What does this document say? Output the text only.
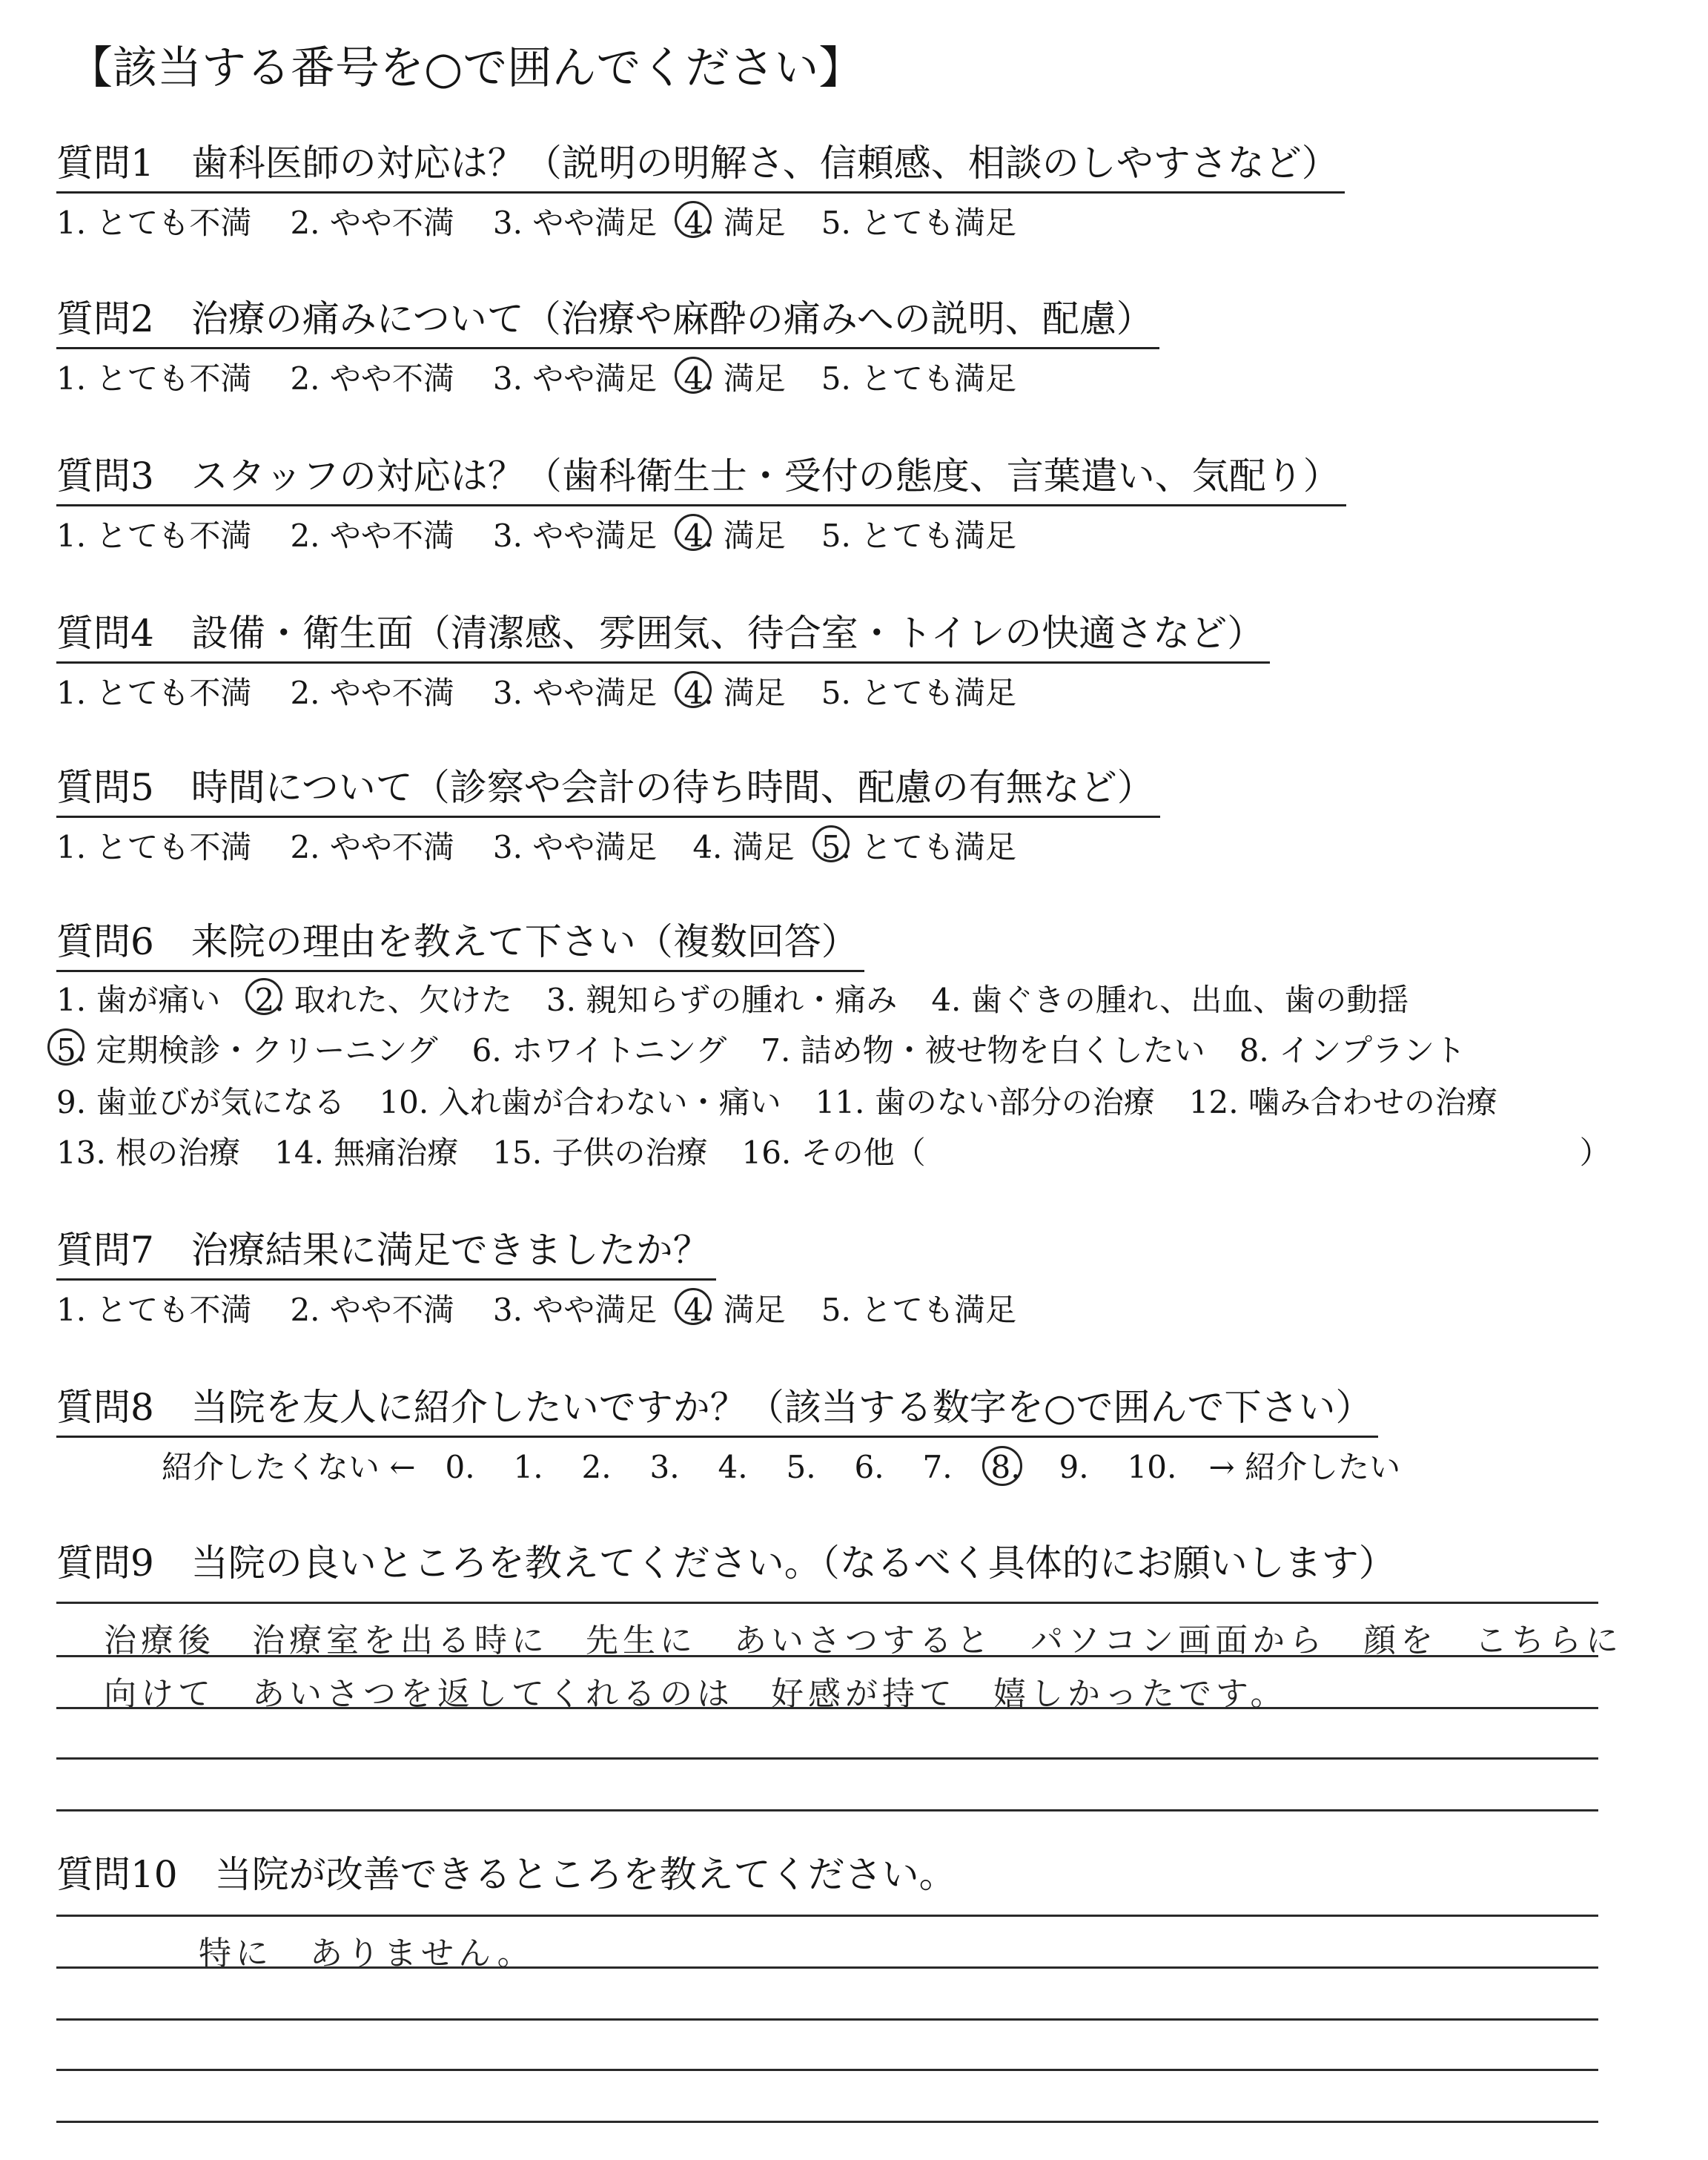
【該当する番号を○で囲んでください】
質問1　歯科医師の対応は？（説明の明解さ、信頼感、相談のしやすさなど）
1. とても不満 2. やや不満 3. やや満足 4. 満足 5. とても満足
質問2　治療の痛みについて（治療や麻酔の痛みへの説明、配慮）
1. とても不満 2. やや不満 3. やや満足 4. 満足 5. とても満足
質問3　スタッフの対応は？（歯科衛生士・受付の態度、言葉遣い、気配り）
1. とても不満 2. やや不満 3. やや満足 4. 満足 5. とても満足
質問4　設備・衛生面（清潔感、雰囲気、待合室・トイレの快適さなど）
1. とても不満 2. やや不満 3. やや満足 4. 満足 5. とても満足
質問5　時間について（診察や会計の待ち時間、配慮の有無など）
1. とても不満 2. やや不満 3. やや満足 4. 満足 5. とても満足
質問6　来院の理由を教えて下さい（複数回答）
1. 歯が痛い 2. 取れた、欠けた 3. 親知らずの腫れ・痛み 4. 歯ぐきの腫れ、出血、歯の動揺
5. 定期検診・クリーニング 6. ホワイトニング 7. 詰め物・被せ物を白くしたい 8. インプラント
9. 歯並びが気になる 10. 入れ歯が合わない・痛い 11. 歯のない部分の治療 12. 噛み合わせの治療
13. 根の治療 14. 無痛治療 15. 子供の治療 16. その他（　　　　　　　　　　　　　　　　　　　　　）
質問7　治療結果に満足できましたか？
1. とても不満 2. やや不満 3. やや満足 4. 満足 5. とても満足
質問8　当院を友人に紹介したいですか？（該当する数字を○で囲んで下さい）
紹介したくない ← 0. 1. 2. 3. 4. 5. 6. 7. 8. 9. 10. → 紹介したい
質問9　当院の良いところを教えてください。（なるべく具体的にお願いします）
治療後　治療室を出る時に　先生に　あいさつすると　パソコン画面から　顔を　こちらに
向けて　あいさつを返してくれるのは　好感が持て　嬉しかったです。
質問10　当院が改善できるところを教えてください。
特に　ありません。
